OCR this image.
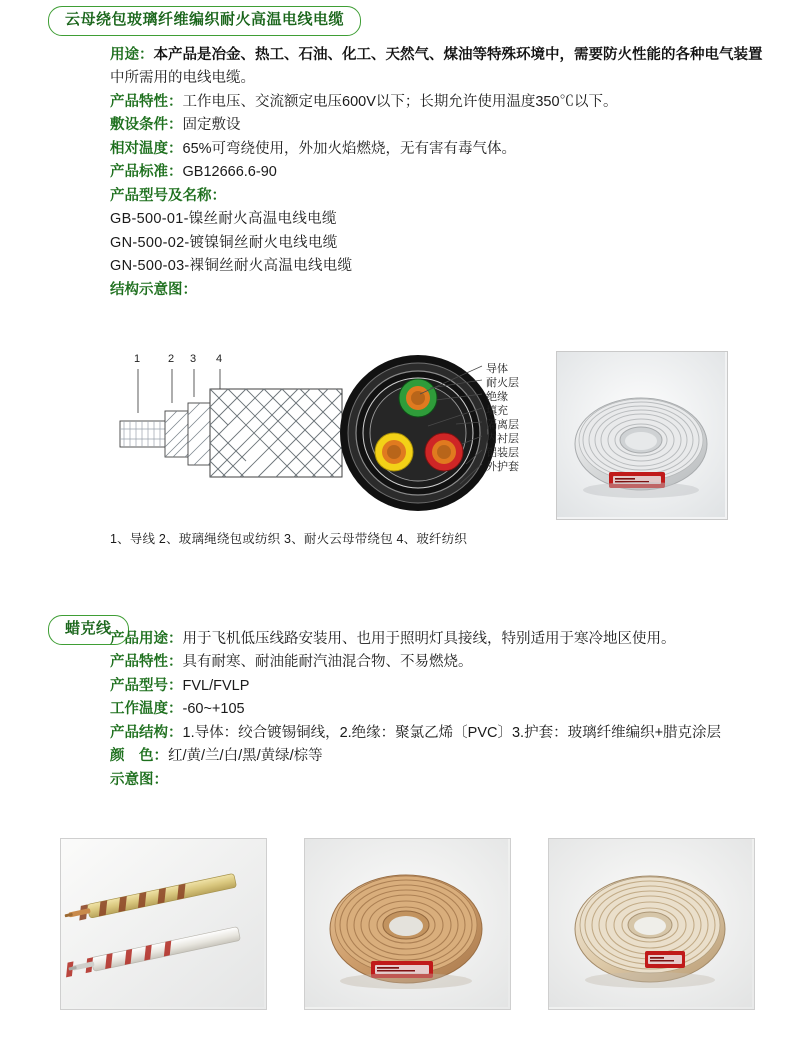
云母绕包玻璃纤维编织耐火高温电线电缆
用途：本产品是冶金、热工、石油、化工、天然气、煤油等特殊环境中，需要防火性能的各种电气装置
中所需用的电线电缆。
产品特性：工作电压、交流额定电压600V以下；长期允许使用温度350℃以下。
敷设条件：固定敷设
相对温度：65%可弯绕使用，外加火焰燃烧，无有害有毒气体。
产品标准：GB12666.6-90
产品型号及名称：
GB-500-01-镍丝耐火高温电线电缆
GN-500-02-镀镍铜丝耐火电线电缆
GN-500-03-裸铜丝耐火高温电线电缆
结构示意图：
1	2 3 4
导体
耐火层
绝缘
填充
隔离层
内衬层
铝装层
外护套
1、导线 2、玻璃绳绕包或纺织 3、耐火云母带绕包 4、玻纤纺织
蜡克线
产品用途：用于飞机低压线路安装用、也用于照明灯具接线，特别适用于寒冷地区使用。
产品特性：具有耐寒、耐油能耐汽油混合物、不易燃烧。
产品型号：FVL/FVLP
工作温度：-60~+105
产品结构：1.导体：绞合镀锡铜线，2.绝缘：聚氯乙烯〔PVC〕3.护套：玻璃纤维编织+腊克涂层
颜　色：红/黄/兰/白/黑/黄绿/棕等
示意图：
